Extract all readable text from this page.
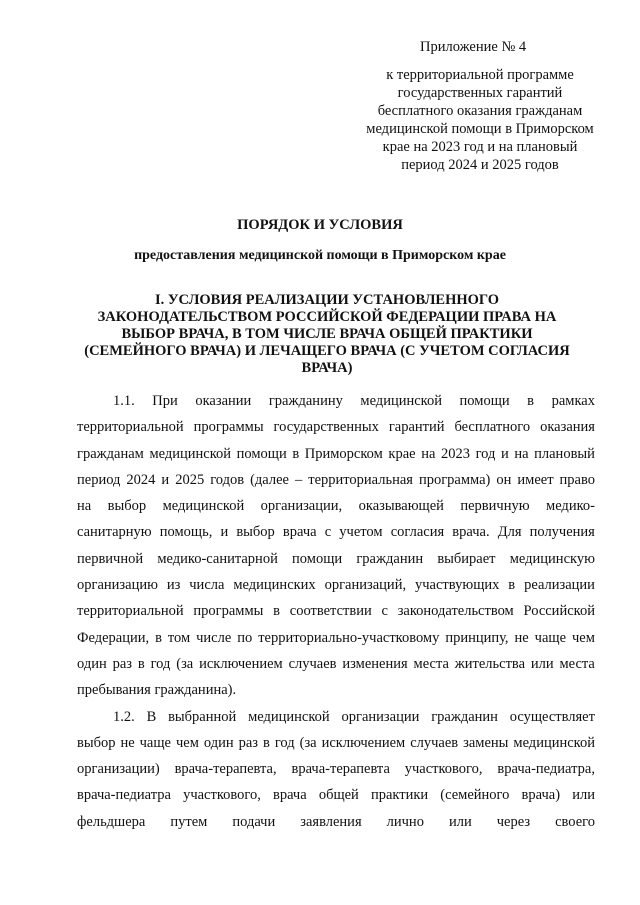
Приложение № 4
к территориальной программе
государственных гарантий
бесплатного оказания гражданам
медицинской помощи в Приморском
крае на 2023 год и на плановый
период 2024 и 2025 годов
ПОРЯДОК И УСЛОВИЯ
предоставления медицинской помощи в Приморском крае
I. УСЛОВИЯ РЕАЛИЗАЦИИ УСТАНОВЛЕННОГО
ЗАКОНОДАТЕЛЬСТВОМ РОССИЙСКОЙ ФЕДЕРАЦИИ ПРАВА НА
ВЫБОР ВРАЧА, В ТОМ ЧИСЛЕ ВРАЧА ОБЩЕЙ ПРАКТИКИ
(СЕМЕЙНОГО ВРАЧА) И ЛЕЧАЩЕГО ВРАЧА (С УЧЕТОМ СОГЛАСИЯ
ВРАЧА)
1.1. При оказании гражданину медицинской помощи в рамках
территориальной программы государственных гарантий бесплатного оказания
гражданам медицинской помощи в Приморском крае на 2023 год и на плановый
период 2024 и 2025 годов (далее – территориальная программа) он имеет право
на выбор медицинской организации, оказывающей первичную медико-
санитарную помощь, и выбор врача с учетом согласия врача. Для получения
первичной медико-санитарной помощи гражданин выбирает медицинскую
организацию из числа медицинских организаций, участвующих в реализации
территориальной программы в соответствии с законодательством Российской
Федерации, в том числе по территориально-участковому принципу, не чаще чем
один раз в год (за исключением случаев изменения места жительства или места
пребывания гражданина).
1.2. В выбранной медицинской организации гражданин осуществляет
выбор не чаще чем один раз в год (за исключением случаев замены медицинской
организации) врача-терапевта, врача-терапевта участкового, врача-педиатра,
врача-педиатра участкового, врача общей практики (семейного врача) или
фельдшера путем подачи заявления лично или через своего
